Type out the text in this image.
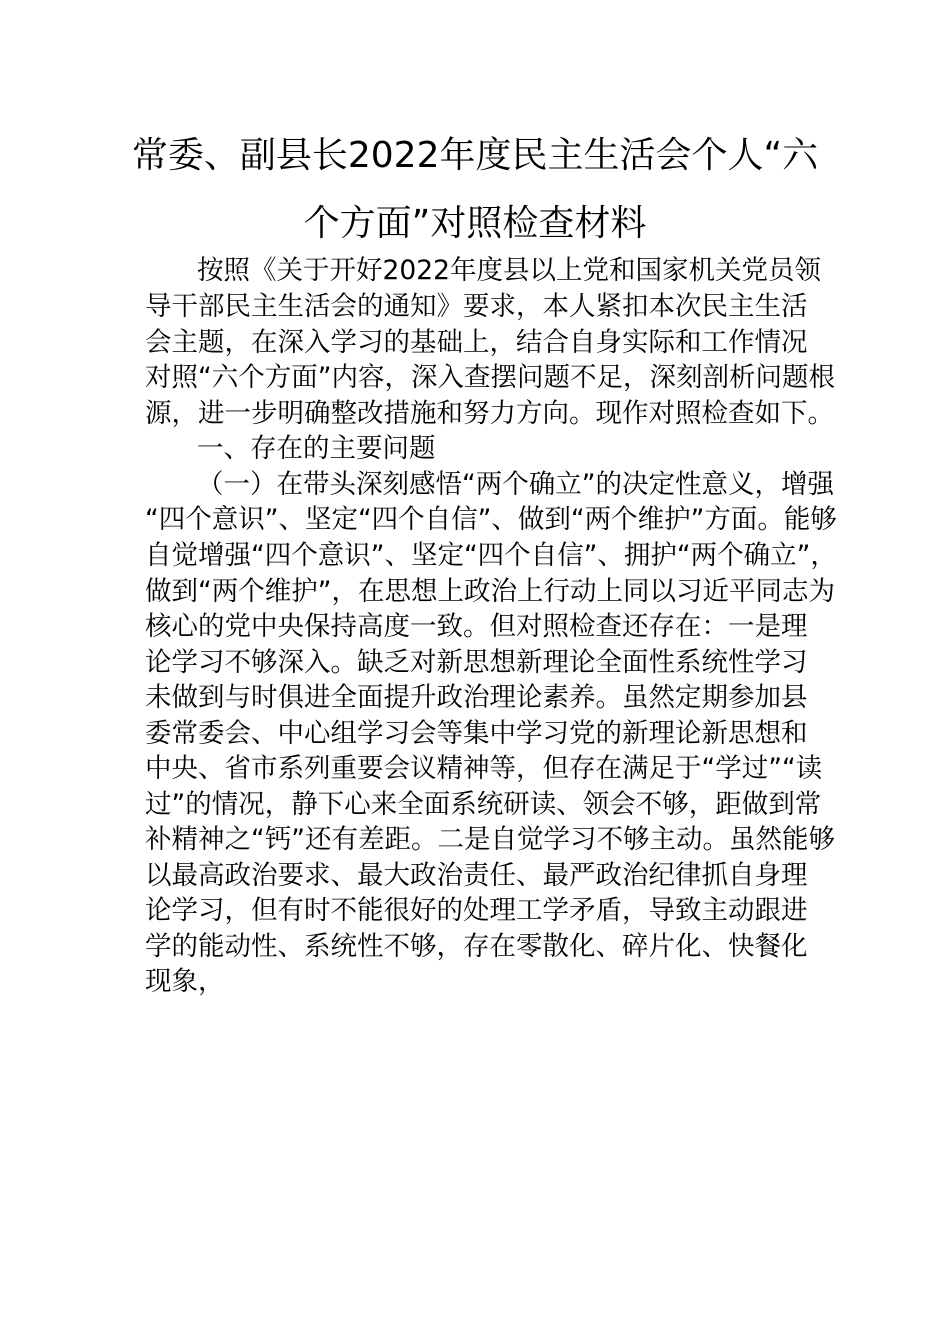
常委、副县长2022年度民主生活会个人“六
个方面”对照检查材料
按照《关于开好2022年度县以上党和国家机关党员领
导干部民主生活会的通知》要求，本人紧扣本次民主生活
会主题，在深入学习的基础上，结合自身实际和工作情况
对照“六个方面”内容，深入查摆问题不足，深刻剖析问题根
源，进一步明确整改措施和努力方向。现作对照检查如下。
一、存在的主要问题
（一）在带头深刻感悟“两个确立”的决定性意义，增强
“四个意识”、坚定“四个自信”、做到“两个维护”方面。能够
自觉增强“四个意识”、坚定“四个自信”、拥护“两个确立”，
做到“两个维护”，在思想上政治上行动上同以习近平同志为
核心的党中央保持高度一致。但对照检查还存在：一是理
论学习不够深入。缺乏对新思想新理论全面性系统性学习
未做到与时俱进全面提升政治理论素养。虽然定期参加县
委常委会、中心组学习会等集中学习党的新理论新思想和
中央、省市系列重要会议精神等，但存在满足于“学过”“读
过”的情况，静下心来全面系统研读、领会不够，距做到常
补精神之“钙”还有差距。二是自觉学习不够主动。虽然能够
以最高政治要求、最大政治责任、最严政治纪律抓自身理
论学习，但有时不能很好的处理工学矛盾，导致主动跟进
学的能动性、系统性不够，存在零散化、碎片化、快餐化
现象，
